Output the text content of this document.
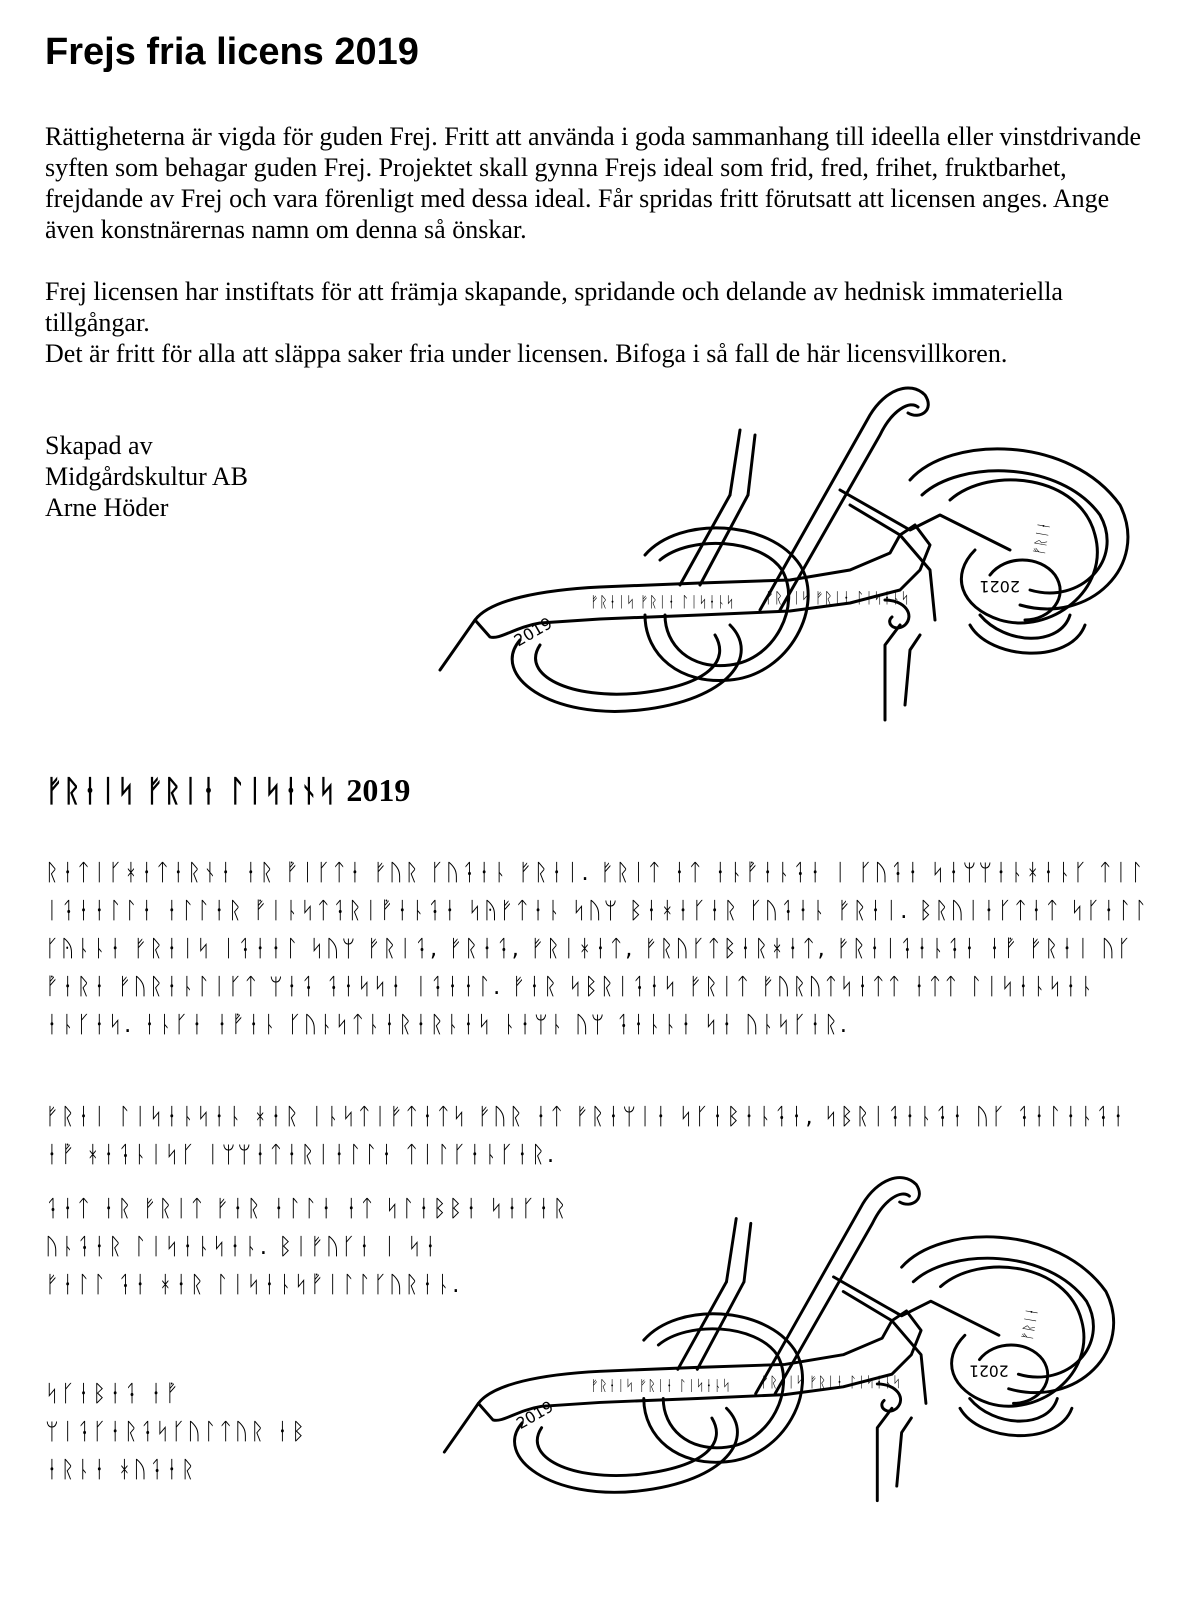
Frejs fria licens 2019

Rättigheterna är vigda för guden Frej. Fritt att använda i goda sammanhang till ideella eller vinstdrivande syften som behagar guden Frej. Projektet skall gynna Frejs ideal som frid, fred, frihet, fruktbarhet, frejdande av Frej och vara förenligt med dessa ideal. Får spridas fritt förutsatt att licensen anges. Ange även konstnärernas namn om denna så önskar.

Frej licensen har instiftats för att främja skapande, spridande och delande av hednisk immateriella tillgångar.

Det är fritt för alla att släppa saker fria under licensen. Bifoga i så fall de här licensvillkoren.

Skapad av
Midgårdskultur AB
Arne Höder
ᚠᚱᛂᛁᛋ ᚠᚱᛁᛂ ᛚᛁᛋᛂᚿᛋ ᚠᚱᛂᛁᛋ ᚠᚱᛁᛂ ᛚᛁᛋᛂᚿᛋ
ᚠᚱᛁᛂ
2019
2021
ᚠᚱᛂᛁᛋ ᚠᚱᛁᛂ ᛚᛁᛋᛂᚾᛋ 2019

ᚱᛂᛏᛁᚴᚼᛂᛏᛂᚱᚾᛂ ᛂᚱ ᚡᛁᚴᛏᛂ ᚠᚢᚱ ᚴᚢᛑᛂᚿ ᚠᚱᛂᛁ. ᚠᚱᛁᛏ ᛂᛏ ᛂᚿᚡᛂᚿᛑᛂ ᛁ ᚴᚢᛑᛂ ᛋᛂᛘᛘᛂᚿᚼᛂᚿᚴ ᛏᛁᛚ ᛁᛑᛂᛂᛚᛚᛂ ᛂᛚᛚᛂᚱ ᚡᛁᚿᛋᛏᛑᚱᛁᚡᛂᚿᛑᛂ ᛋᚤᚠᛏᛂᚿ ᛋᚢᛘ ᛒᛂᚼᛂᚴᛂᚱ ᚴᚢᛑᛂᚿ ᚠᚱᛂᛁ. ᛒᚱᚢᛁᛂᚴᛏᛂᛏ ᛋᚴᛂᛚᛚ ᚴᚤᚿᚿᛂ ᚠᚱᛂᛁᛋ ᛁᛑᛂᛂᛚ ᛋᚢᛘ ᚠᚱᛁᛑ, ᚠᚱᛂᛑ, ᚠᚱᛁᚼᛂᛏ, ᚠᚱᚢᚴᛏᛒᛂᚱᚼᛂᛏ, ᚠᚱᛂᛁᛑᛂᚿᛑᛂ ᛂᚡ ᚠᚱᛂᛁ ᚢᚴ ᚡᛂᚱᛂ ᚠᚢᚱᛂᚿᛚᛁᚴᛏ ᛘᛂᛑ ᛑᛂᛋᛋᛂ ᛁᛑᛂᛂᛚ. ᚠᛂᚱ ᛋᛒᚱᛁᛑᛂᛋ ᚠᚱᛁᛏ ᚠᚢᚱᚢᛏᛋᛂᛏᛏ ᛂᛏᛏ ᛚᛁᛋᛂᚿᛋᛂᚿ ᛂᚿᚴᛂᛋ. ᛂᚿᚴᛂ ᛂᚡᛂᚿ ᚴᚢᚿᛋᛏᚿᛂᚱᛂᚱᚿᛂᛋ ᚿᛂᛘᚿ ᚢᛘ ᛑᛂᚿᚿᛂ ᛋᛂ ᚢᚿᛋᚴᛂᚱ.

ᚠᚱᛂᛁ ᛚᛁᛋᛂᚿᛋᛂᚿ ᚼᛂᚱ ᛁᚿᛋᛏᛁᚠᛏᛂᛏᛋ ᚠᚢᚱ ᛂᛏ ᚠᚱᛂᛘᛁᛂ ᛋᚴᛂᛒᛂᚿᛑᛂ, ᛋᛒᚱᛁᛑᛂᚿᛑᛂ ᚢᚴ ᛑᛂᛚᛂᚿᛑᛂ ᛂᚡ ᚼᛂᛑᚿᛁᛋᚴ ᛁᛘᛘᛂᛏᛂᚱᛁᛂᛚᛚᛂ ᛏᛁᛚᚴᛂᚿᚴᛂᚱ.

ᛑᛂᛏ ᛂᚱ ᚠᚱᛁᛏ ᚠᛂᚱ ᛂᛚᛚᛂ ᛂᛏ ᛋᛚᛂᛒᛒᛂ ᛋᛂᚴᛂᚱ
ᚢᚿᛑᛂᚱ ᛚᛁᛋᛂᚿᛋᛂᚿ. ᛒᛁᚠᚢᚴᛂ ᛁ ᛋᛂ
ᚠᛂᛚᛚ ᛑᛂ ᚼᛂᚱ ᛚᛁᛋᛂᚿᛋᚡᛁᛚᛚᚴᚢᚱᛂᚿ.
ᛋᚴᛂᛒᛂᛑ ᛂᚡ
ᛘᛁᛑᚴᛂᚱᛑᛋᚴᚢᛚᛏᚢᚱ ᛂᛒ
ᛂᚱᚿᛂ ᚼᚢᛑᛂᚱ
ᚠᚱᛂᛁᛋ ᚠᚱᛁᛂ ᛚᛁᛋᛂᚿᛋ ᚠᚱᛂᛁᛋ ᚠᚱᛁᛂ ᛚᛁᛋᛂᚿᛋ
ᚠᚱᛁᛂ
2019
2021
